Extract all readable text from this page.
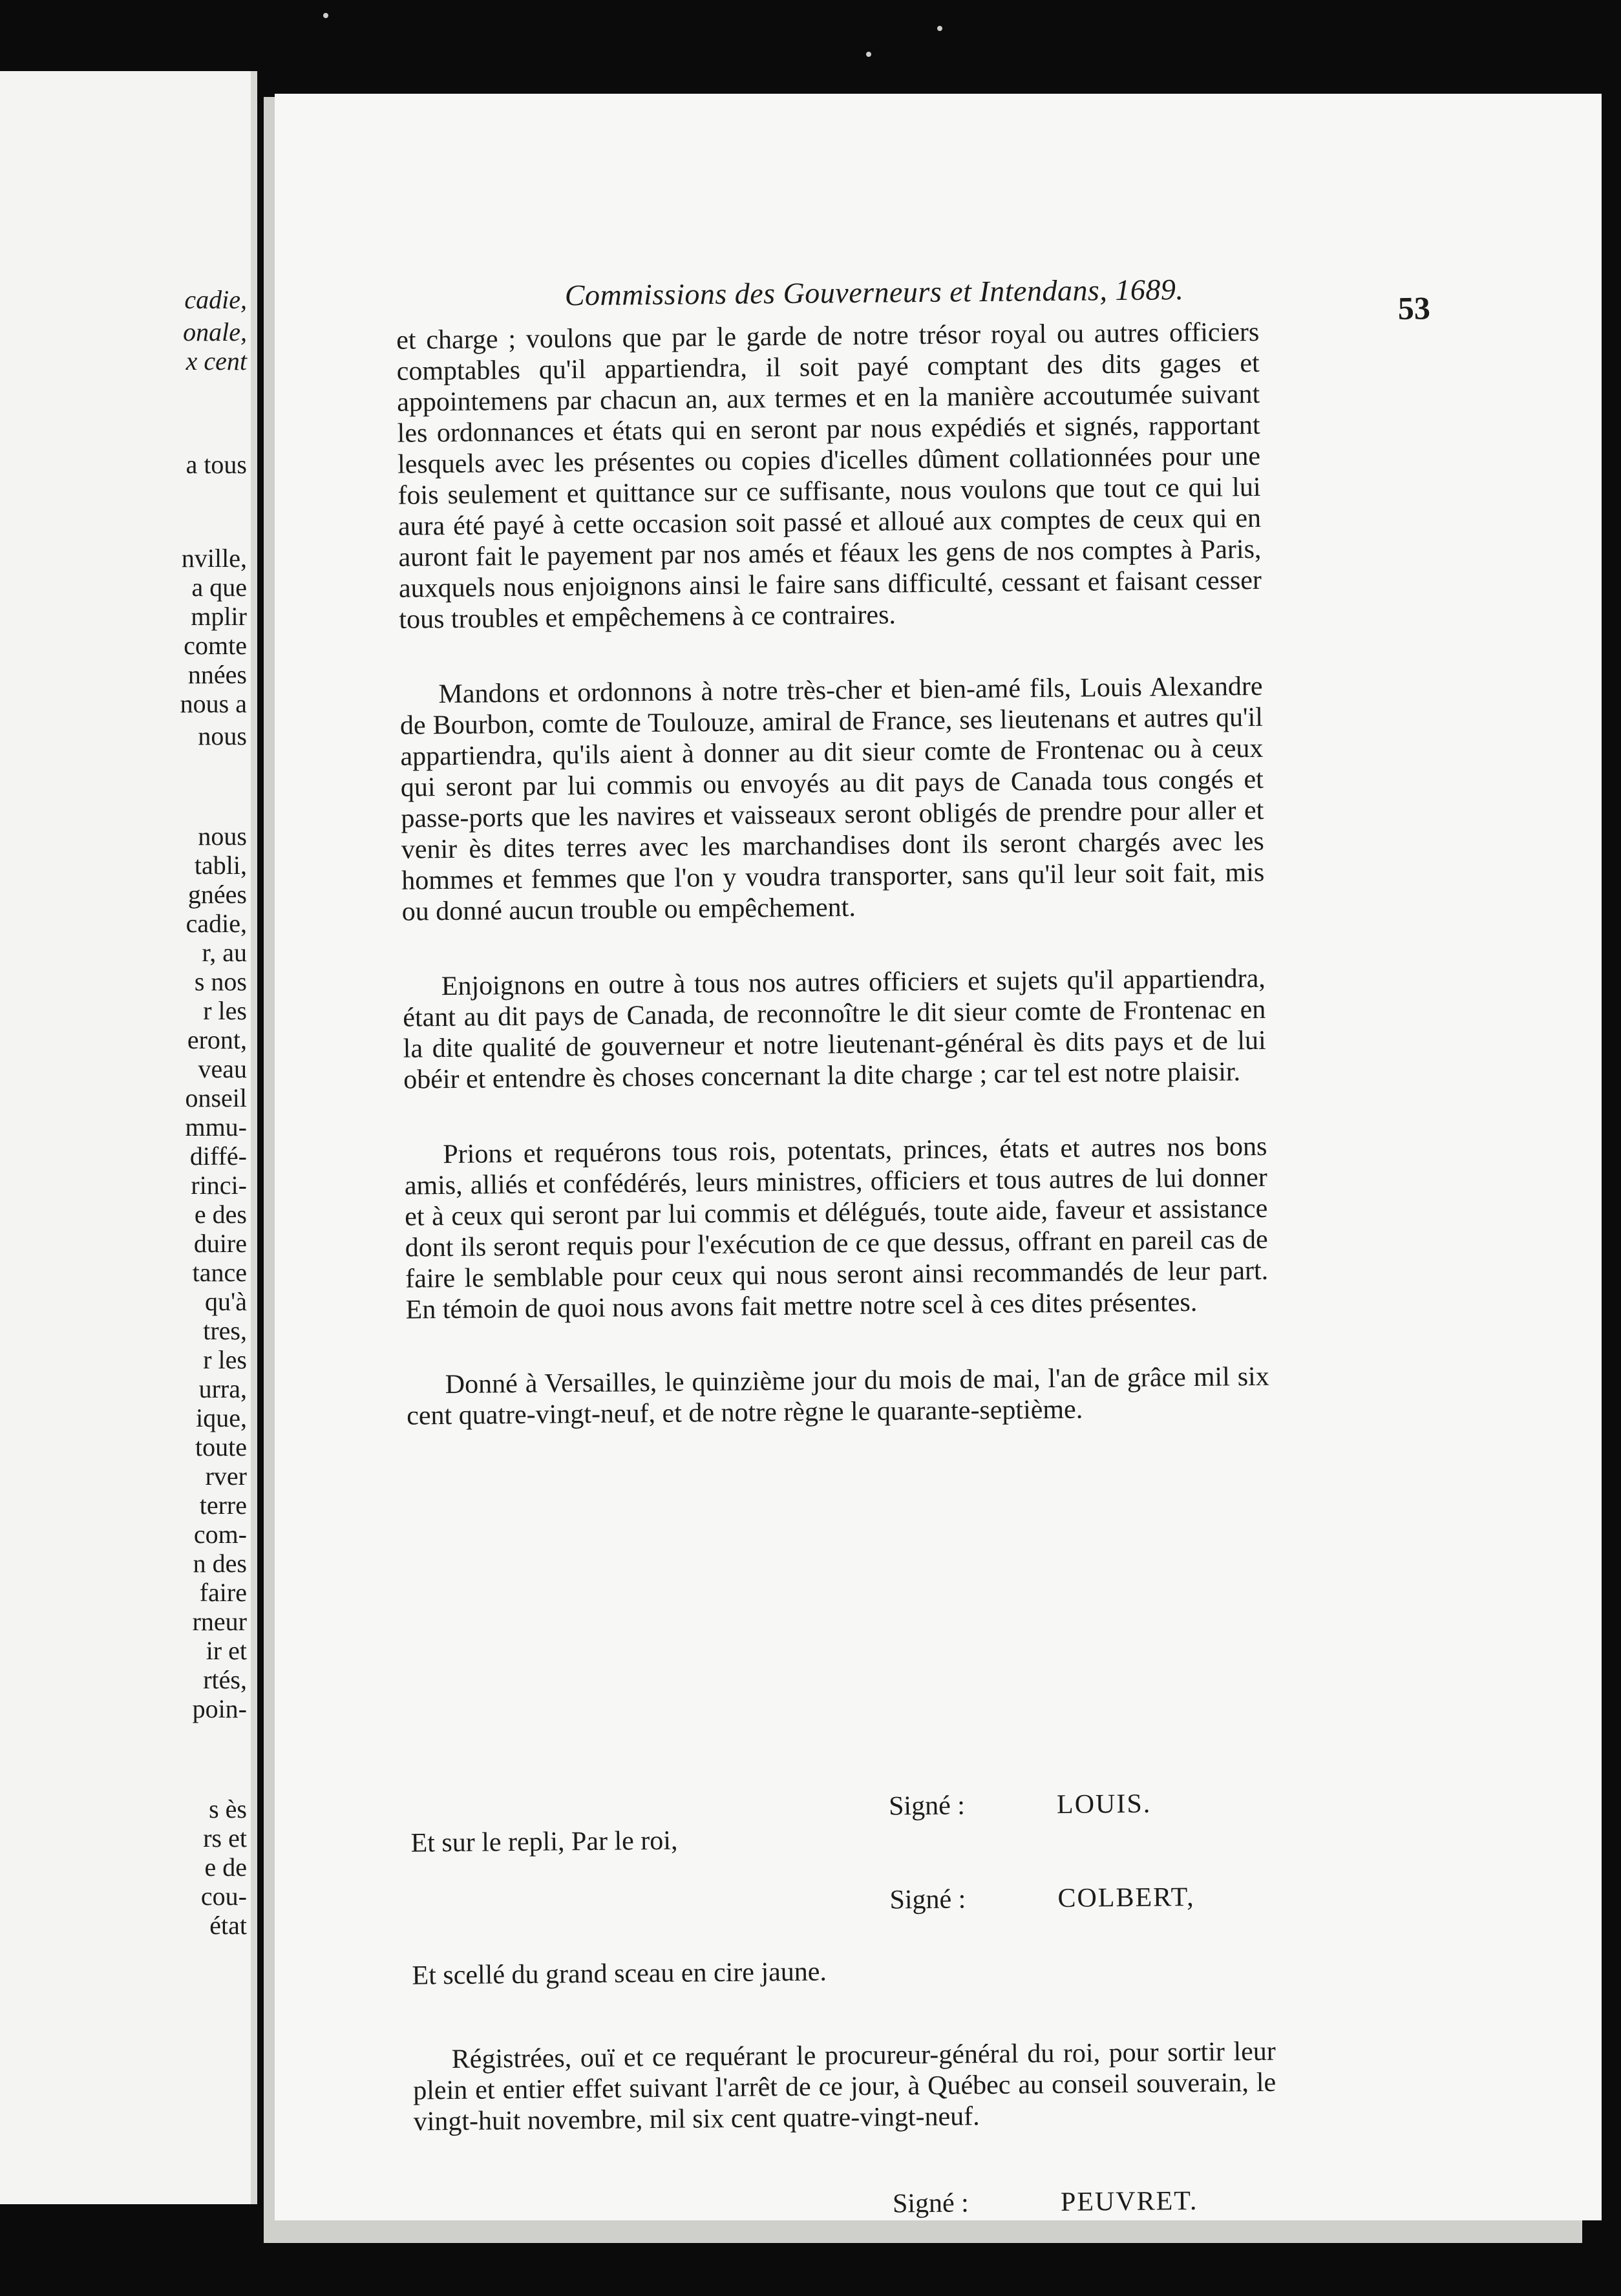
cadie,
onale,
x cent
a tous
nville,
a que
mplir
comte
nnées
nous a
nous
nous
tabli,
gnées
cadie,
r, au
s nos
r les
eront,
veau
onseil
mmu-
diffé-
rinci-
e des
duire
tance
qu'à
tres,
r les
urra,
ique,
toute
rver
terre
com-
n des
faire
rneur
ir et
rtés,
poin-
s ès
rs et
e de
cou-
état
Commissions des Gouverneurs et Intendans, 1689.	53

et charge ; voulons que par le garde de notre trésor royal ou autres officiers comptables qu'il appartiendra, il soit payé comptant des dits gages et appointemens par chacun an, aux termes et en la manière accoutumée suivant les ordonnances et états qui en seront par nous expédiés et signés, rapportant lesquels avec les présentes ou copies d'icelles dûment collationnées pour une fois seulement et quittance sur ce suffisante, nous voulons que tout ce qui lui aura été payé à cette occasion soit passé et alloué aux comptes de ceux qui en auront fait le payement par nos amés et féaux les gens de nos comptes à Paris, auxquels nous enjoignons ainsi le faire sans difficulté, cessant et faisant cesser tous troubles et empêchemens à ce contraires.

Mandons et ordonnons à notre très-cher et bien-amé fils, Louis Alexandre de Bourbon, comte de Toulouze, amiral de France, ses lieutenans et autres qu'il appartiendra, qu'ils aient à donner au dit sieur comte de Frontenac ou à ceux qui seront par lui commis ou envoyés au dit pays de Canada tous congés et passe-ports que les navires et vaisseaux seront obligés de prendre pour aller et venir ès dites terres avec les marchandises dont ils seront chargés avec les hommes et femmes que l'on y voudra transporter, sans qu'il leur soit fait, mis ou donné aucun trouble ou empêchement.

Enjoignons en outre à tous nos autres officiers et sujets qu'il appartiendra, étant au dit pays de Canada, de reconnoître le dit sieur comte de Frontenac en la dite qualité de gouverneur et notre lieutenant-général ès dits pays et de lui obéir et entendre ès choses concernant la dite charge ; car tel est notre plaisir.

Prions et requérons tous rois, potentats, princes, états et autres nos bons amis, alliés et confédérés, leurs ministres, officiers et tous autres de lui donner et à ceux qui seront par lui commis et délégués, toute aide, faveur et assistance dont ils seront requis pour l'exécution de ce que dessus, offrant en pareil cas de faire le semblable pour ceux qui nous seront ainsi recommandés de leur part. En témoin de quoi nous avons fait mettre notre scel à ces dites présentes.

Donné à Versailles, le quinzième jour du mois de mai, l'an de grâce mil six cent quatre-vingt-neuf, et de notre règne le quarante-septième.

Signé :	LOUIS.
Et sur le repli, Par le roi,
Signé :	COLBERT,
Et scellé du grand sceau en cire jaune.
Régistrées, ouï et ce requérant le procureur-général du roi, pour sortir leur plein et entier effet suivant l'arrêt de ce jour, à Québec au conseil souverain, le vingt-huit novembre, mil six cent quatre-vingt-neuf.
Signé :	PEUVRET.
